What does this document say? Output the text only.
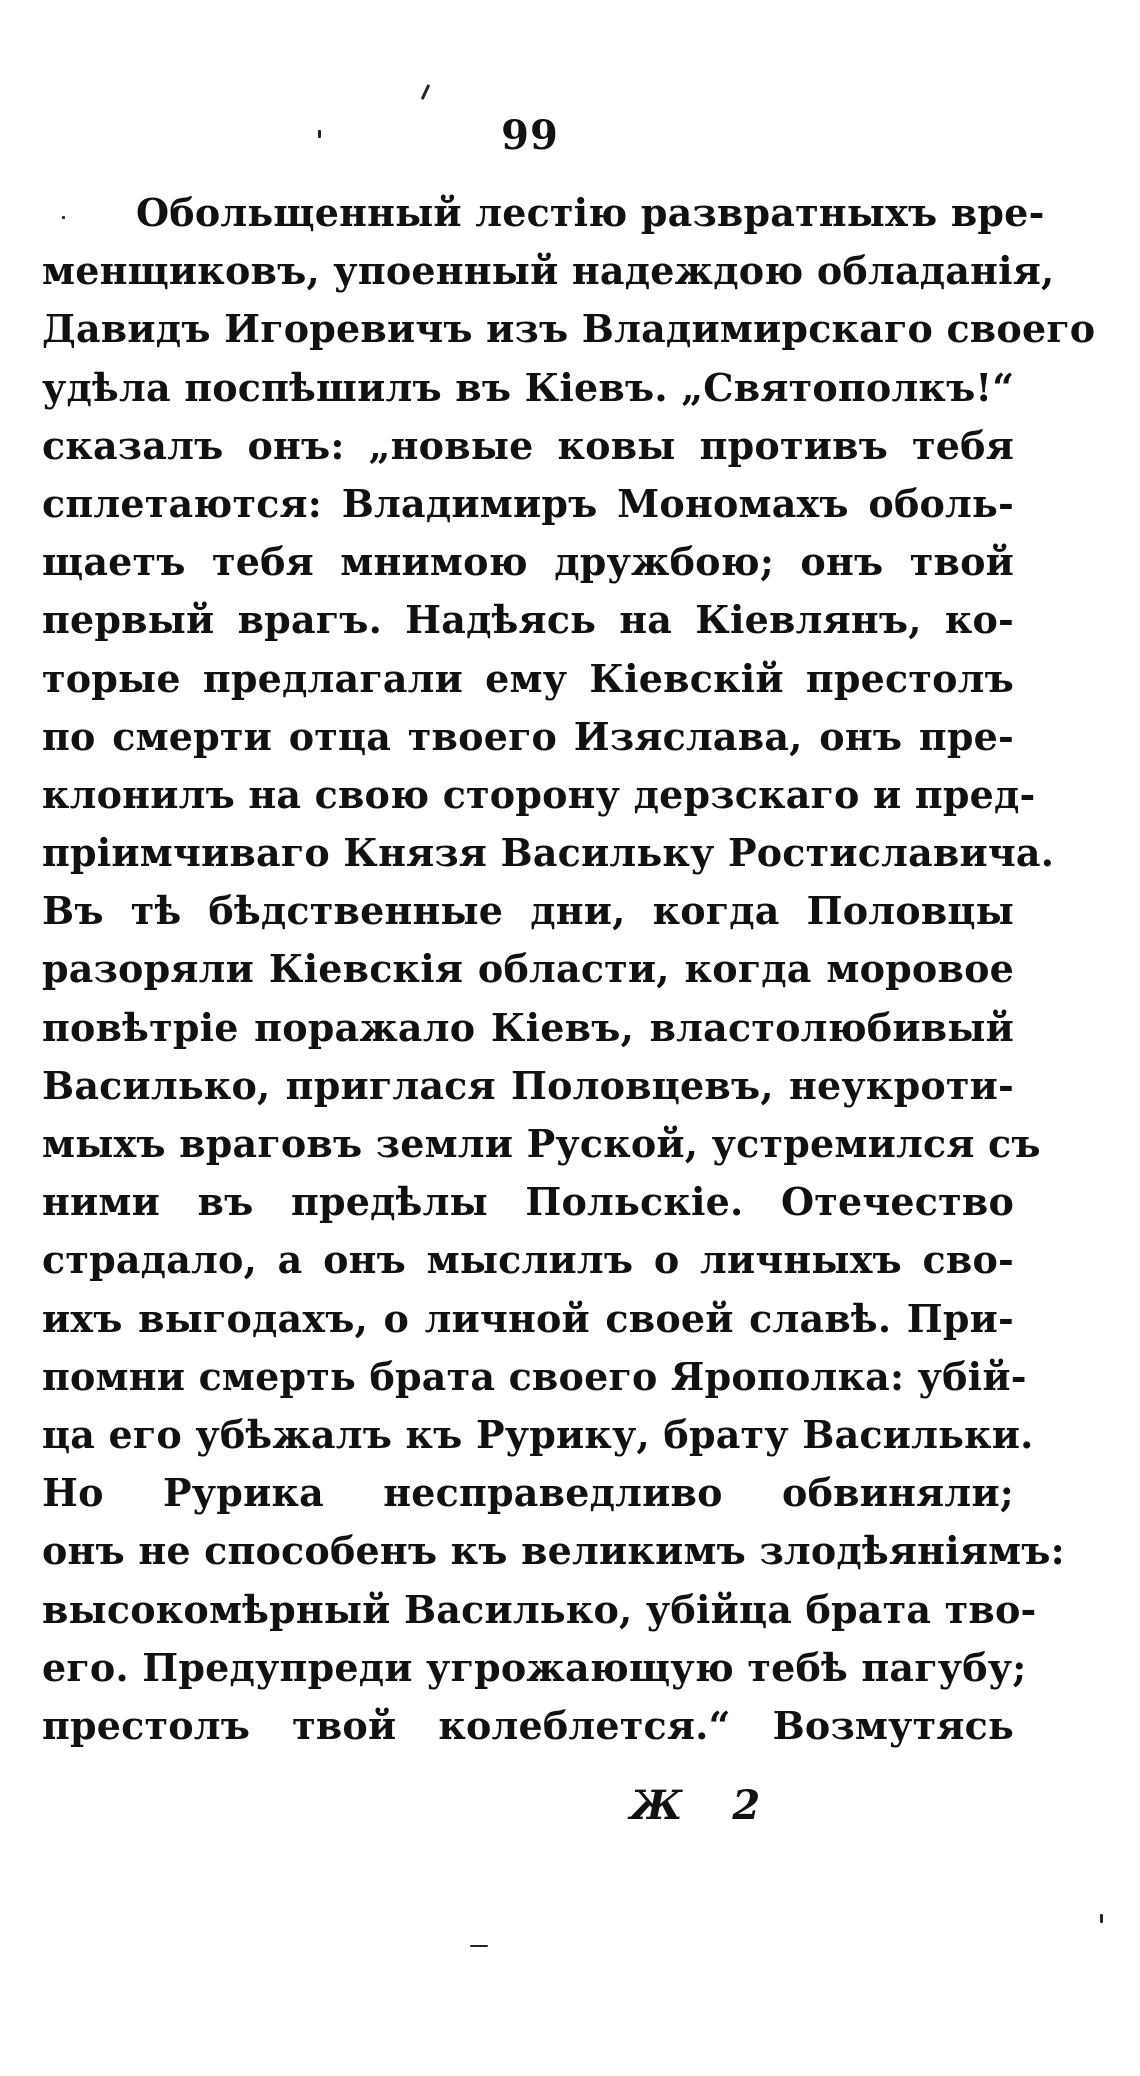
99
Обольщенный лестію развратныхъ вре-
менщиковъ, упоенный надеждою обладанія,
Давидъ Игоревичъ изъ Владимирскаго своего
удѣла поспѣшилъ въ Кіевъ. „Святополкъ!“
сказалъ онъ: „новые ковы противъ тебя
сплетаются: Владимиръ Мономахъ оболь-
щаетъ тебя мнимою дружбою; онъ твой
первый врагъ. Надѣясь на Кіевлянъ, ко-
торые предлагали ему Кіевскій престолъ
по смерти отца твоего Изяслава, онъ пре-
клонилъ на свою сторону дерзскаго и пред-
пріимчиваго Князя Васильку Ростиславича.
Въ тѣ бѣдственные дни, когда Половцы
разоряли Кіевскія области, когда моровое
повѣтріе поражало Кіевъ, властолюбивый
Василько, приглася Половцевъ, неукроти-
мыхъ враговъ земли Руской, устремился съ
ними въ предѣлы Польскіе. Отечество
страдало, а онъ мыслилъ о личныхъ сво-
ихъ выгодахъ, о личной своей славѣ. При-
помни смерть брата своего Ярополка: убій-
ца его убѣжалъ къ Рурику, брату Васильки.
Но Рурика несправедливо обвиняли;
онъ не способенъ къ великимъ злодѣяніямъ:
высокомѣрный Василько, убійца брата тво-
его. Предупреди угрожающую тебѣ пагубу;
престолъ твой колеблется.“ Возмутясь
Ж 2
